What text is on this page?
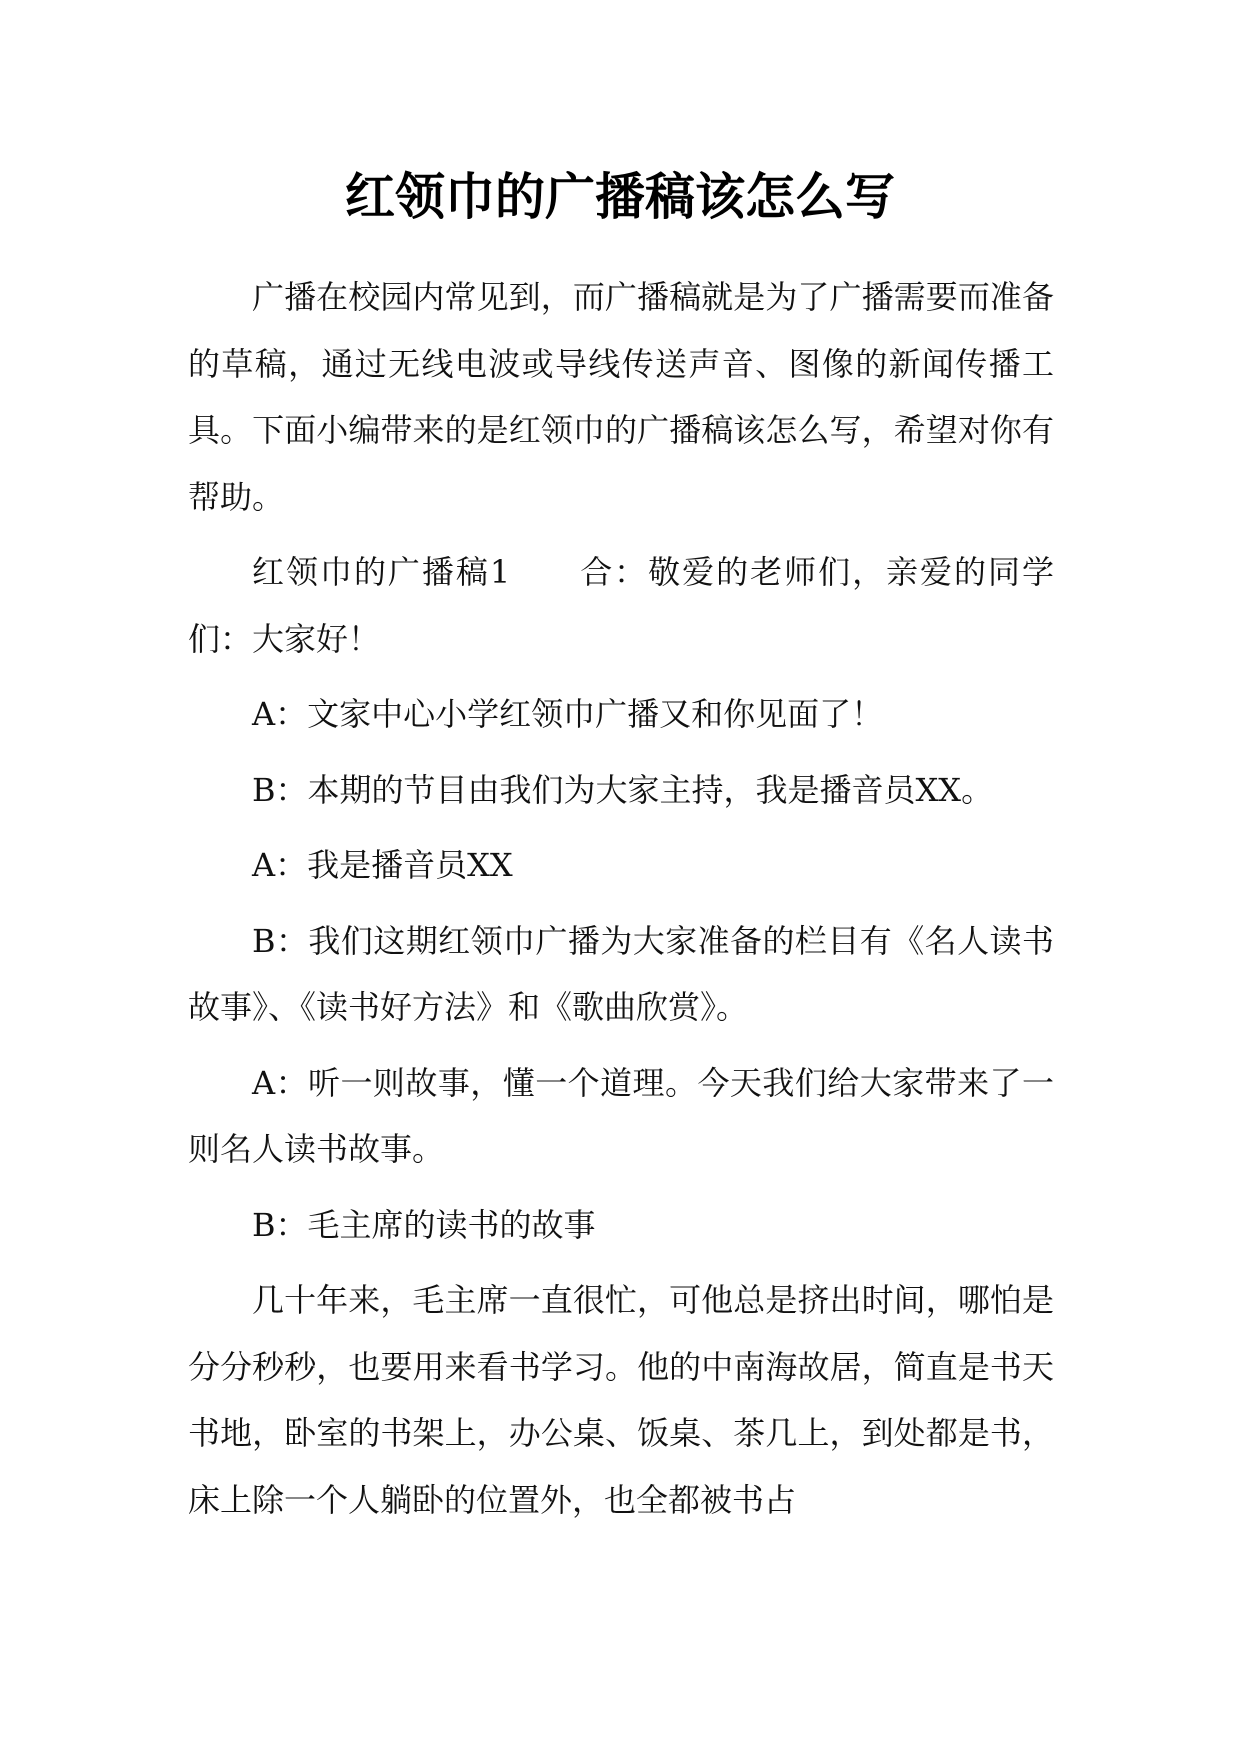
红领巾的广播稿该怎么写

广播在校园内常见到，而广播稿就是为了广播需要而准备的草稿，通过无线电波或导线传送声音、图像的新闻传播工具。下面小编带来的是红领巾的广播稿该怎么写，希望对你有帮助。

红领巾的广播稿1　　合：敬爱的老师们，亲爱的同学们：大家好！

A：文家中心小学红领巾广播又和你见面了！

B：本期的节目由我们为大家主持，我是播音员XX。

A：我是播音员XX

B：我们这期红领巾广播为大家准备的栏目有《名人读书故事》、《读书好方法》和《歌曲欣赏》。

A：听一则故事，懂一个道理。今天我们给大家带来了一则名人读书故事。

B：毛主席的读书的故事

几十年来，毛主席一直很忙，可他总是挤出时间，哪怕是分分秒秒，也要用来看书学习。他的中南海故居，简直是书天书地，卧室的书架上，办公桌、饭桌、茶几上，到处都是书，床上除一个人躺卧的位置外，也全都被书占
